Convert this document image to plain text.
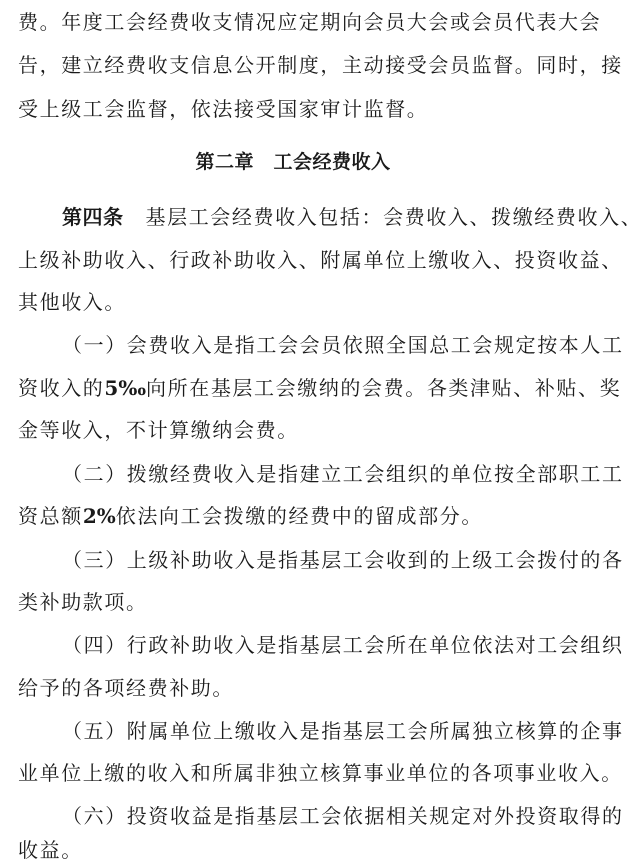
费。年度工会经费收支情况应定期向会员大会或会员代表大会
告，建立经费收支信息公开制度，主动接受会员监督。同时，接
受上级工会监督，依法接受国家审计监督。
第二章　工会经费收入
第四条 基层工会经费收入包括：会费收入、拨缴经费收入、
上级补助收入、行政补助收入、附属单位上缴收入、投资收益、
其他收入。
（一）会费收入是指工会会员依照全国总工会规定按本人工
资收入的5‰向所在基层工会缴纳的会费。各类津贴、补贴、奖
金等收入，不计算缴纳会费。
（二）拨缴经费收入是指建立工会组织的单位按全部职工工
资总额2%依法向工会拨缴的经费中的留成部分。
（三）上级补助收入是指基层工会收到的上级工会拨付的各
类补助款项。
（四）行政补助收入是指基层工会所在单位依法对工会组织
给予的各项经费补助。
（五）附属单位上缴收入是指基层工会所属独立核算的企事
业单位上缴的收入和所属非独立核算事业单位的各项事业收入。
（六）投资收益是指基层工会依据相关规定对外投资取得的
收益。
